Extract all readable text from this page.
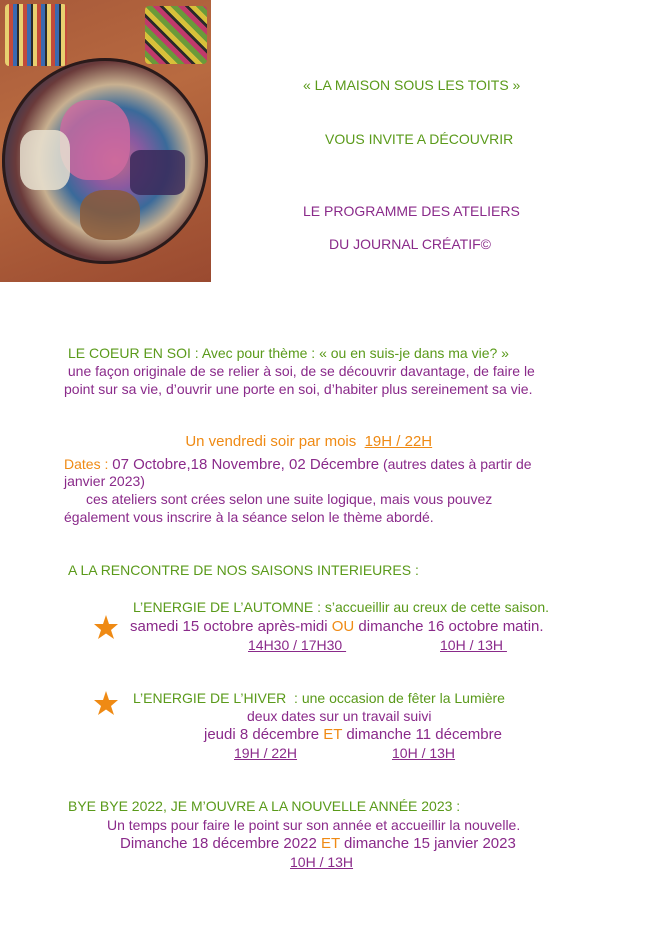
« LA MAISON SOUS LES TOITS »
VOUS INVITE A DÉCOUVRIR
LE PROGRAMME DES ATELIERS
DU JOURNAL CRÉATIF©
LE COEUR EN SOI : Avec pour thème : « ou en suis-je dans ma vie? »
une façon originale de se relier à soi, de se découvrir davantage, de faire le
point sur sa vie, d’ouvrir une porte en soi, d’habiter plus sereinement sa vie.

Un vendredi soir par mois  19H / 22H

Dates : 07 Octobre,18 Novembre, 02 Décembre (autres dates à partir de
janvier 2023)
ces ateliers sont crées selon une suite logique, mais vous pouvez
également vous inscrire à la séance selon le thème abordé.
A LA RENCONTRE DE NOS SAISONS INTERIEURES :
L’ENERGIE DE L’AUTOMNE : s’accueillir au creux de cette saison.
samedi 15 octobre après-midi OU dimanche 16 octobre matin.
14H30 / 17H30	10H / 13H
L’ENERGIE DE L’HIVER  : une occasion de fêter la Lumière
deux dates sur un travail suivi
jeudi 8 décembre ET dimanche 11 décembre
19H / 22H	10H / 13H
BYE BYE 2022, JE M’OUVRE A LA NOUVELLE ANNÉE 2023 :
Un temps pour faire le point sur son année et accueillir la nouvelle.
Dimanche 18 décembre 2022 ET dimanche 15 janvier 2023
10H / 13H
